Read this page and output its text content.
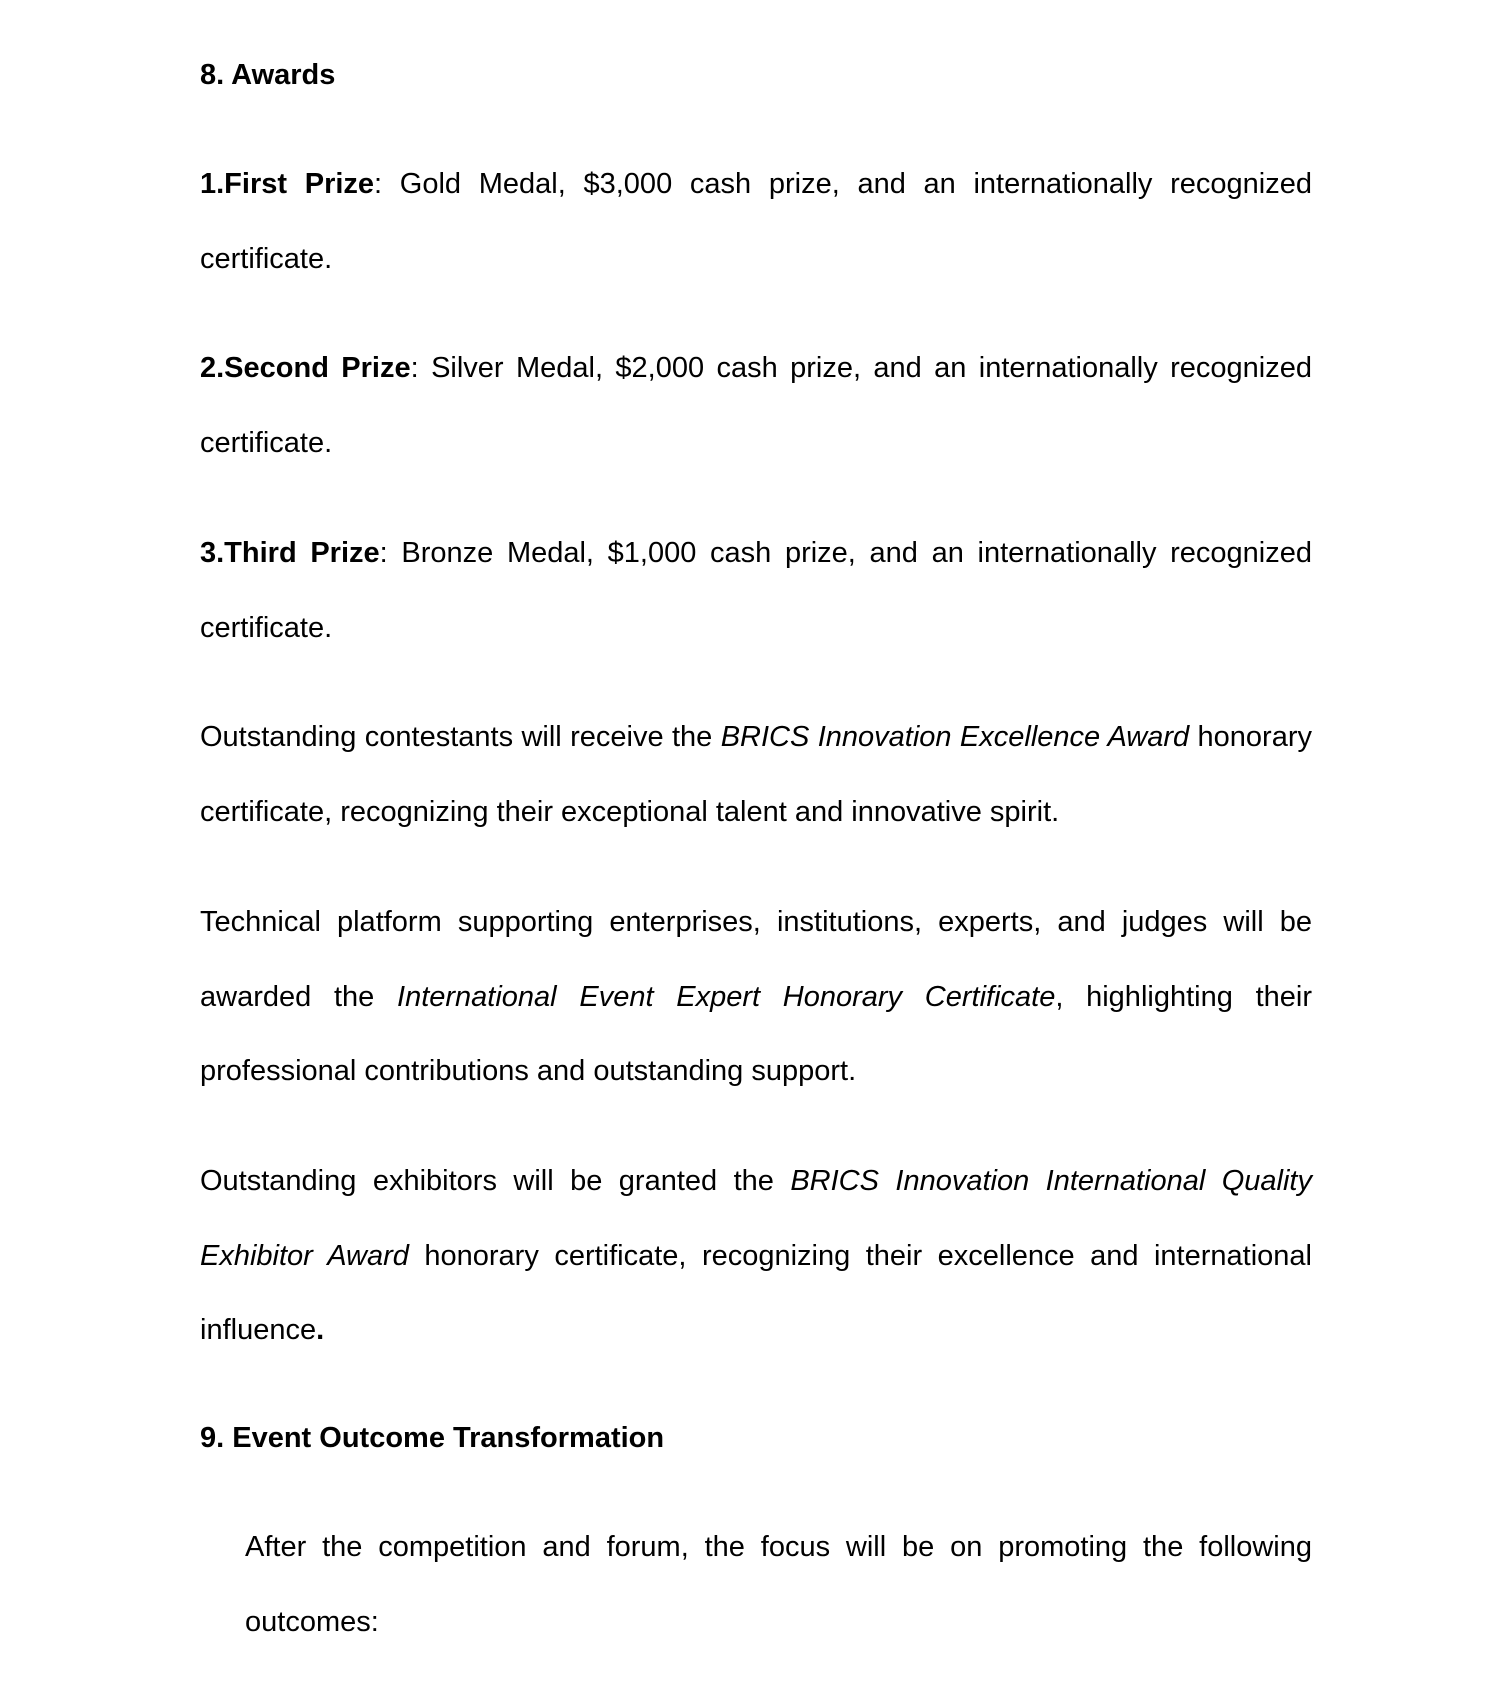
8. Awards

1.First Prize: Gold Medal, $3,000 cash prize, and an internationally recognized certificate.

2.Second Prize: Silver Medal, $2,000 cash prize, and an internationally recognized certificate.

3.Third Prize: Bronze Medal, $1,000 cash prize, and an internationally recognized certificate.

Outstanding contestants will receive the BRICS Innovation Excellence Award honorary certificate, recognizing their exceptional talent and innovative spirit.

Technical platform supporting enterprises, institutions, experts, and judges will be awarded the International Event Expert Honorary Certificate, highlighting their professional contributions and outstanding support.

Outstanding exhibitors will be granted the BRICS Innovation International Quality Exhibitor Award honorary certificate, recognizing their excellence and international influence.

9. Event Outcome Transformation

After the competition and forum, the focus will be on promoting the following outcomes:
